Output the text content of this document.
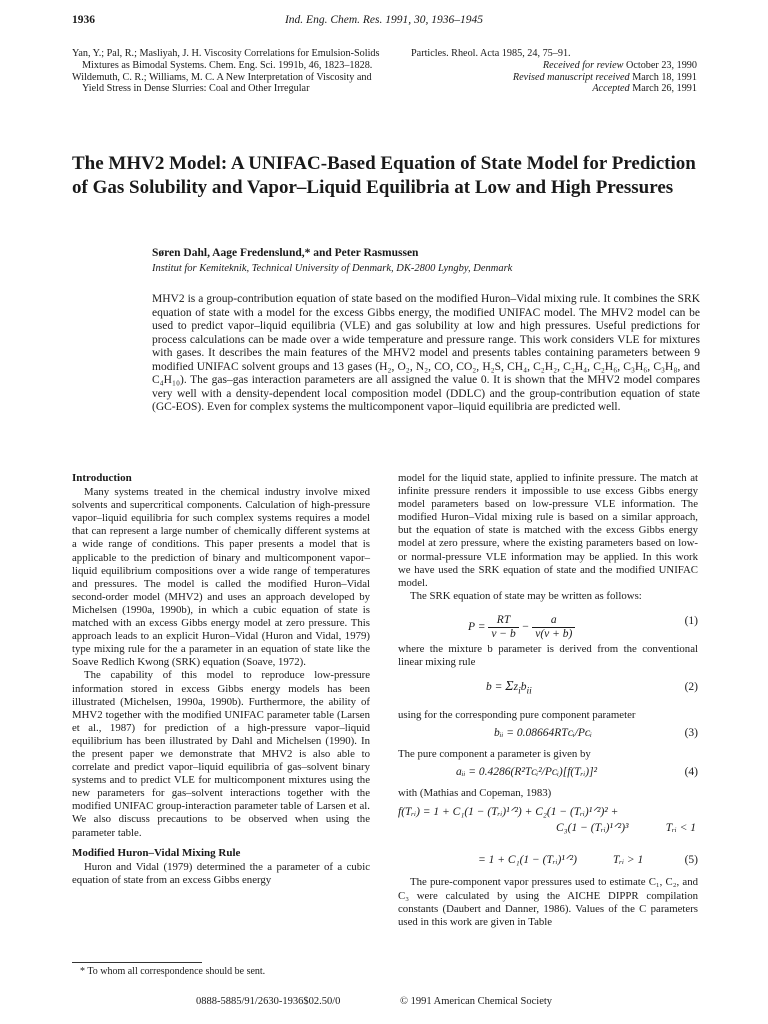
1936	Ind. Eng. Chem. Res. 1991, 30, 1936–1945
Yan, Y.; Pal, R.; Masliyah, J. H. Viscosity Correlations for Emulsion-Solids Mixtures as Bimodal Systems. Chem. Eng. Sci. 1991b, 46, 1823–1828.
Wildemuth, C. R.; Williams, M. C. A New Interpretation of Viscosity and Yield Stress in Dense Slurries: Coal and Other Irregular
Particles. Rheol. Acta 1985, 24, 75–91.
Received for review October 23, 1990
Revised manuscript received March 18, 1991
Accepted March 26, 1991
The MHV2 Model: A UNIFAC-Based Equation of State Model for Prediction of Gas Solubility and Vapor–Liquid Equilibria at Low and High Pressures
Søren Dahl, Aage Fredenslund,* and Peter Rasmussen
Institut for Kemiteknik, Technical University of Denmark, DK-2800 Lyngby, Denmark

MHV2 is a group-contribution equation of state based on the modified Huron–Vidal mixing rule. It combines the SRK equation of state with a model for the excess Gibbs energy, the modified UNIFAC model. The MHV2 model can be used to predict vapor–liquid equilibria (VLE) and gas solubility at low and high pressures. Useful predictions for process calculations can be made over a wide temperature and pressure range. This work considers VLE for mixtures with gases. It describes the main features of the MHV2 model and presents tables containing parameters between 9 modified UNIFAC solvent groups and 13 gases (H₂, O₂, N₂, CO, CO₂, H₂S, CH₄, C₂H₂, C₂H₄, C₂H₆, C₃H₆, C₃H₈, and C₄H₁₀). The gas–gas interaction parameters are all assigned the value 0. It is shown that the MHV2 model compares very well with a density-dependent local composition model (DDLC) and the group-contribution equation of state (GC-EOS). Even for complex systems the multicomponent vapor–liquid equilibria are predicted well.

Introduction

Many systems treated in the chemical industry involve mixed solvents and supercritical components. Calculation of high-pressure vapor–liquid equilibria for such complex systems requires a model that can represent a large number of chemically different systems at a wide range of conditions. This paper presents a model that is applicable to the prediction of binary and multicomponent vapor–liquid equilibrium compositions over a wide range of temperatures and pressures. The model is called the modified Huron–Vidal second-order model (MHV2) and uses an approach developed by Michelsen (1990a, 1990b), in which a cubic equation of state is matched with an excess Gibbs energy model at zero pressure. This approach leads to an explicit Huron–Vidal (Huron and Vidal, 1979) type mixing rule for the a parameter in an equation of state like the Soave Redlich Kwong (SRK) equation (Soave, 1972).

The capability of this model to reproduce low-pressure information stored in excess Gibbs energy models has been illustrated (Michelsen, 1990a, 1990b). Furthermore, the ability of MHV2 together with the modified UNIFAC parameter table (Larsen et al., 1987) for prediction of a high-pressure vapor–liquid equilibrium has been illustrated by Dahl and Michelsen (1990). In the present paper we demonstrate that MHV2 is also able to correlate and predict vapor–liquid equilibria of gas–solvent binary systems and to predict VLE for multicomponent mixtures using the new parameters for gas–solvent interactions together with the modified UNIFAC group-interaction parameter table of Larsen et al. We also discuss precautions to be observed when using the parameter table.

Modified Huron–Vidal Mixing Rule

Huron and Vidal (1979) determined the a parameter of a cubic equation of state from an excess Gibbs energy

model for the liquid state, applied to infinite pressure. The match at infinite pressure renders it impossible to use excess Gibbs energy model parameters based on low-pressure VLE information. The modified Huron–Vidal mixing rule is based on a similar approach, but the equation of state is matched with the excess Gibbs energy model at zero pressure, where the existing parameters based on low- or normal-pressure VLE information may be applied. In this work we have used the SRK equation of state and the modified UNIFAC model.

The SRK equation of state may be written as follows:

$P = \frac{RT}{v - b} - \frac{a}{v(v + b)}$	(1)

where the mixture b parameter is derived from the conventional linear mixing rule

$b = \Sigma z_ib_{ii}$	(2)

using for the corresponding pure component parameter

bᵢᵢ = 0.08664RTᴄᵢ/Pᴄᵢ	(3)

The pure component a parameter is given by

aᵢᵢ = 0.4286(R²Tᴄᵢ²/Pᴄᵢ)[f(Tᵣᵢ)]²	(4)

with (Mathias and Copeman, 1983)

f(Tᵣᵢ) = 1 + C₁(1 − (Tᵣᵢ)¹ᐟ²) + C₂(1 − (Tᵣᵢ)¹ᐟ²)² +
C₃(1 − (Tᵣᵢ)¹ᐟ²)³	Tᵣᵢ < 1
= 1 + C₁(1 − (Tᵣᵢ)¹ᐟ²)	Tᵣᵢ > 1	(5)

The pure-component vapor pressures used to estimate C₁, C₂, and C₃ were calculated by using the AICHE DIPPR compilation constants (Daubert and Danner, 1986). Values of the C parameters used in this work are given in Table

* To whom all correspondence should be sent.
0888-5885/91/2630-1936$02.50/0	© 1991 American Chemical Society
